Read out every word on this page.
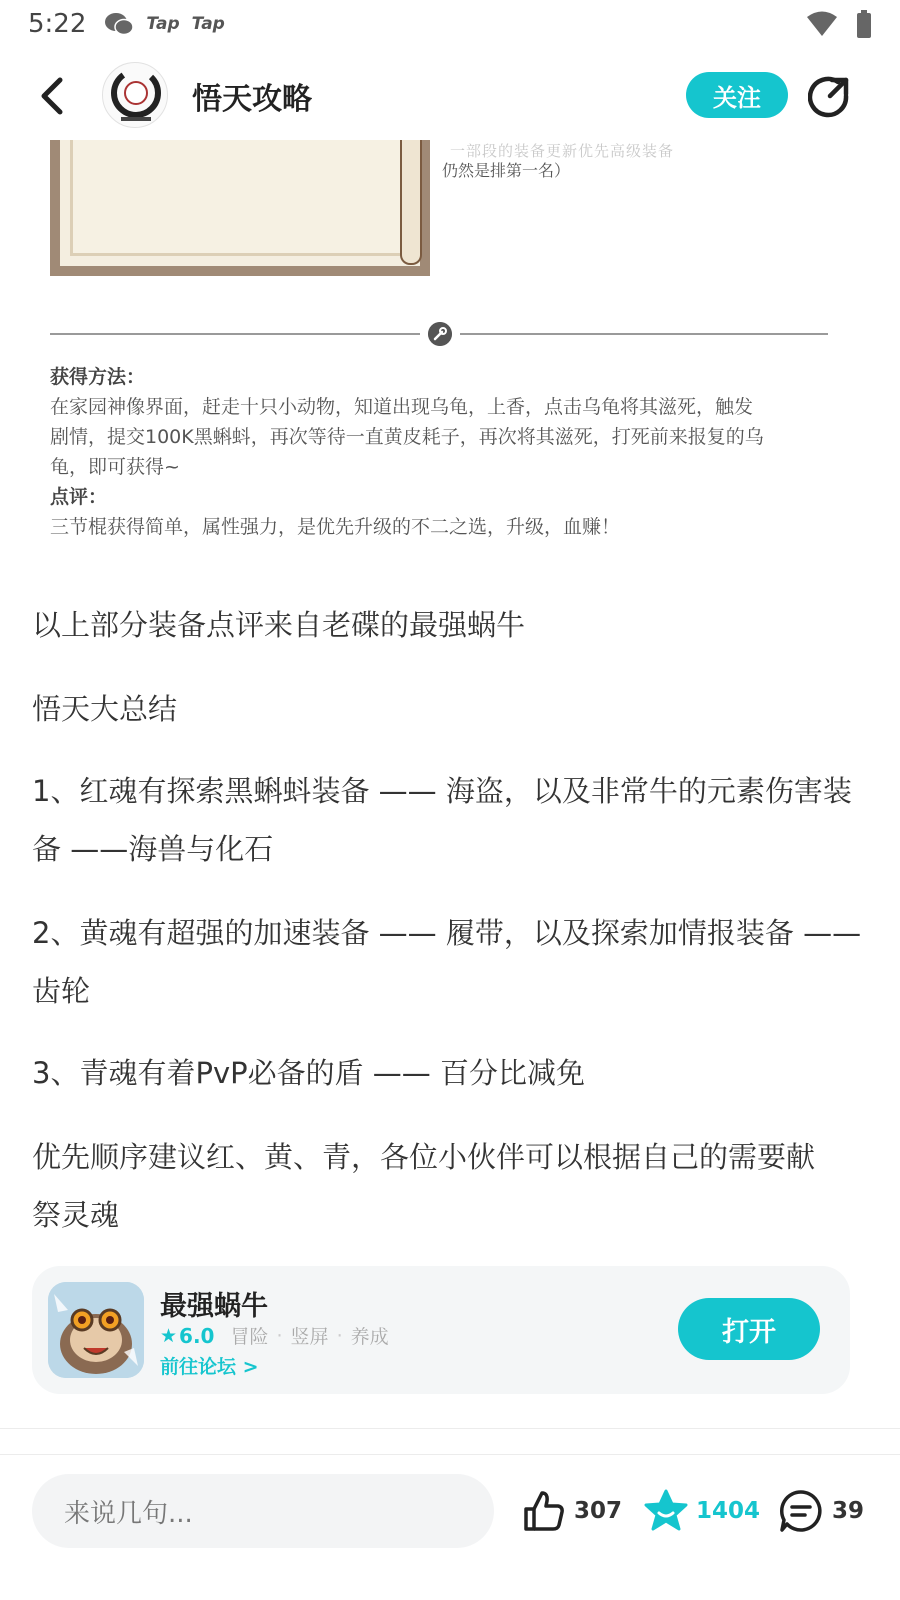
5:22	Tap Tap
悟天攻略	关注
一部段的装备更新优先高级装备
仍然是排第一名）
获得方法：
在家园神像界面，赶走十只小动物，知道出现乌龟，上香，点击乌龟将其滋死，触发
剧情，提交100K黑蝌蚪，再次等待一直黄皮耗子，再次将其滋死，打死前来报复的乌
龟，即可获得~
点评：
三节棍获得简单，属性强力，是优先升级的不二之选，升级，血赚！
以上部分装备点评来自老碟的最强蜗牛
悟天大总结
1、红魂有探索黑蝌蚪装备 —— 海盗，以及非常牛的元素伤害装
备 ——海兽与化石
2、黄魂有超强的加速装备 —— 履带，以及探索加情报装备 ——
齿轮
3、青魂有着PvP必备的盾 —— 百分比减免
优先顺序建议红、黄、青，各位小伙伴可以根据自己的需要献
祭灵魂
最强蜗牛
★ 6.0 冒险 · 竖屏 · 养成
前往论坛 >
打开
来说几句...	307	1404	39
